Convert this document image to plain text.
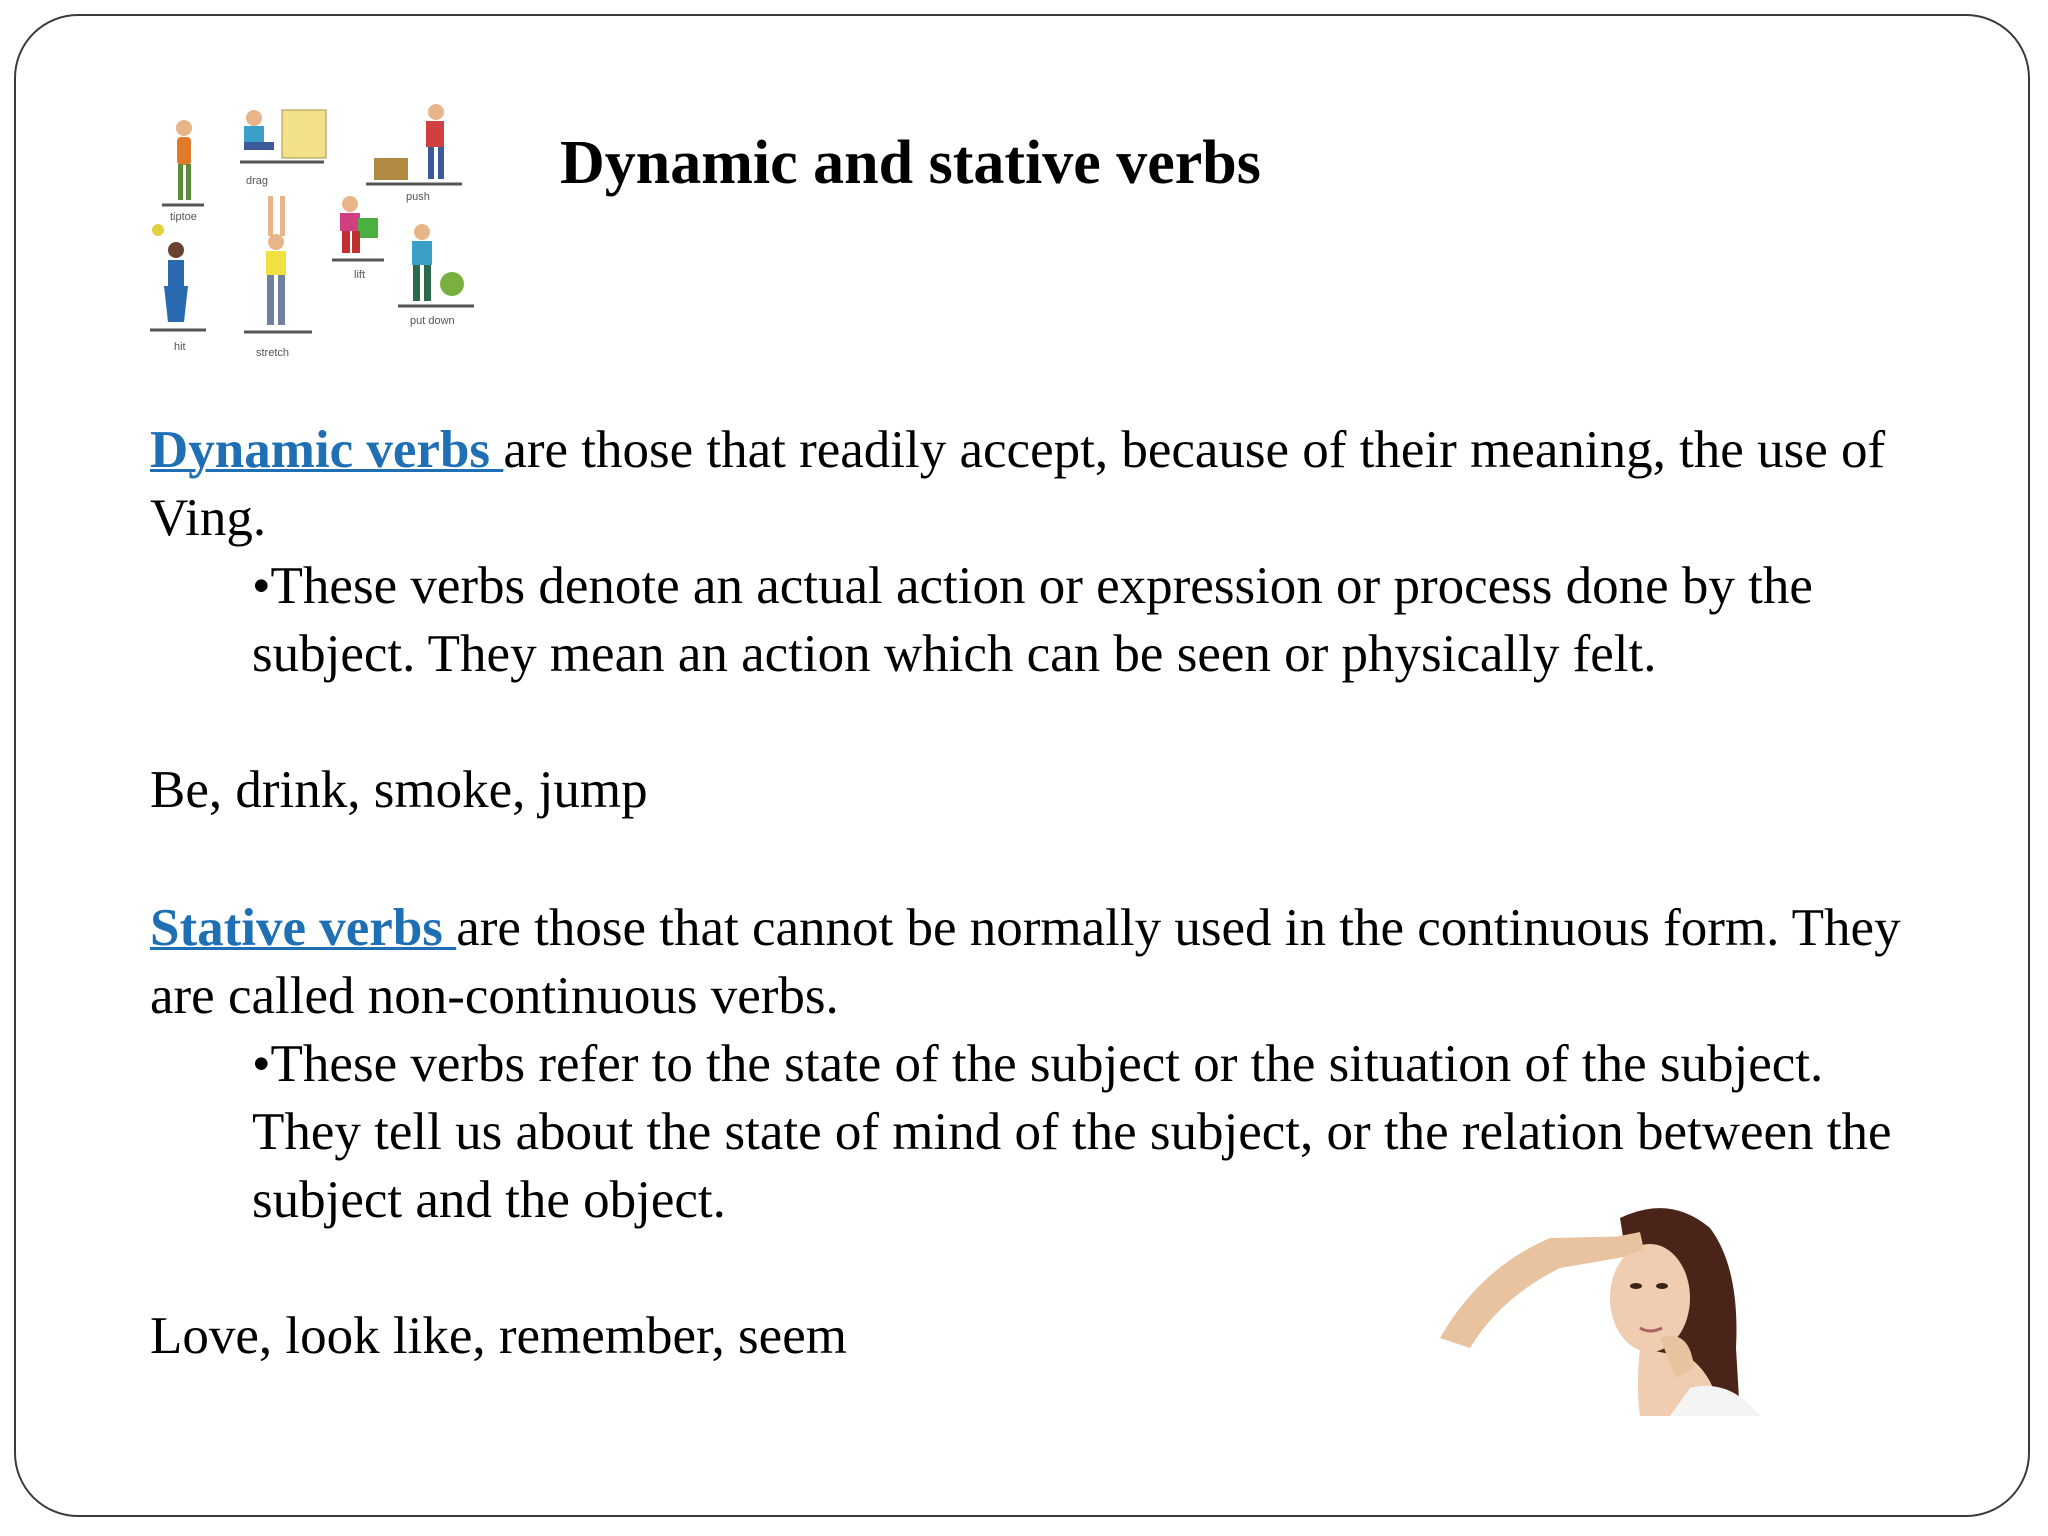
tiptoe
drag
push
hit	stretch
lift
put down
Dynamic and stative verbs

Dynamic verbs are those that readily accept, because of their meaning, the use of Ving.

•These verbs denote an actual action or expression or process done by the subject. They mean an action which can be seen or physically felt.

Be, drink, smoke, jump

Stative verbs are those that cannot be normally used in the continuous form. They are called non-continuous verbs.

•These verbs refer to the state of the subject or the situation of the subject. They tell us about the state of mind of the subject, or the relation between the subject and the object.

Love, look like, remember, seem
